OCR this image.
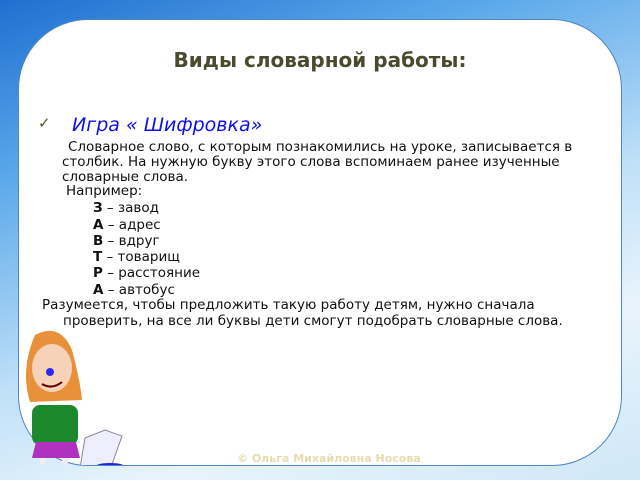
Виды словарной работы:
✓ Игра « Шифровка»
Словарное слово, с которым познакомились на уроке, записывается в
столбик. На нужную букву этого слова вспоминаем ранее изученные
словарные слова.
Например:
З – завод
А – адрес
В – вдруг
Т – товарищ
Р – расстояние
А – автобус
Разумеется, чтобы предложить такую работу детям, нужно сначала
проверить, на все ли буквы дети смогут подобрать словарные слова.
© Ольга Михайловна Носова
